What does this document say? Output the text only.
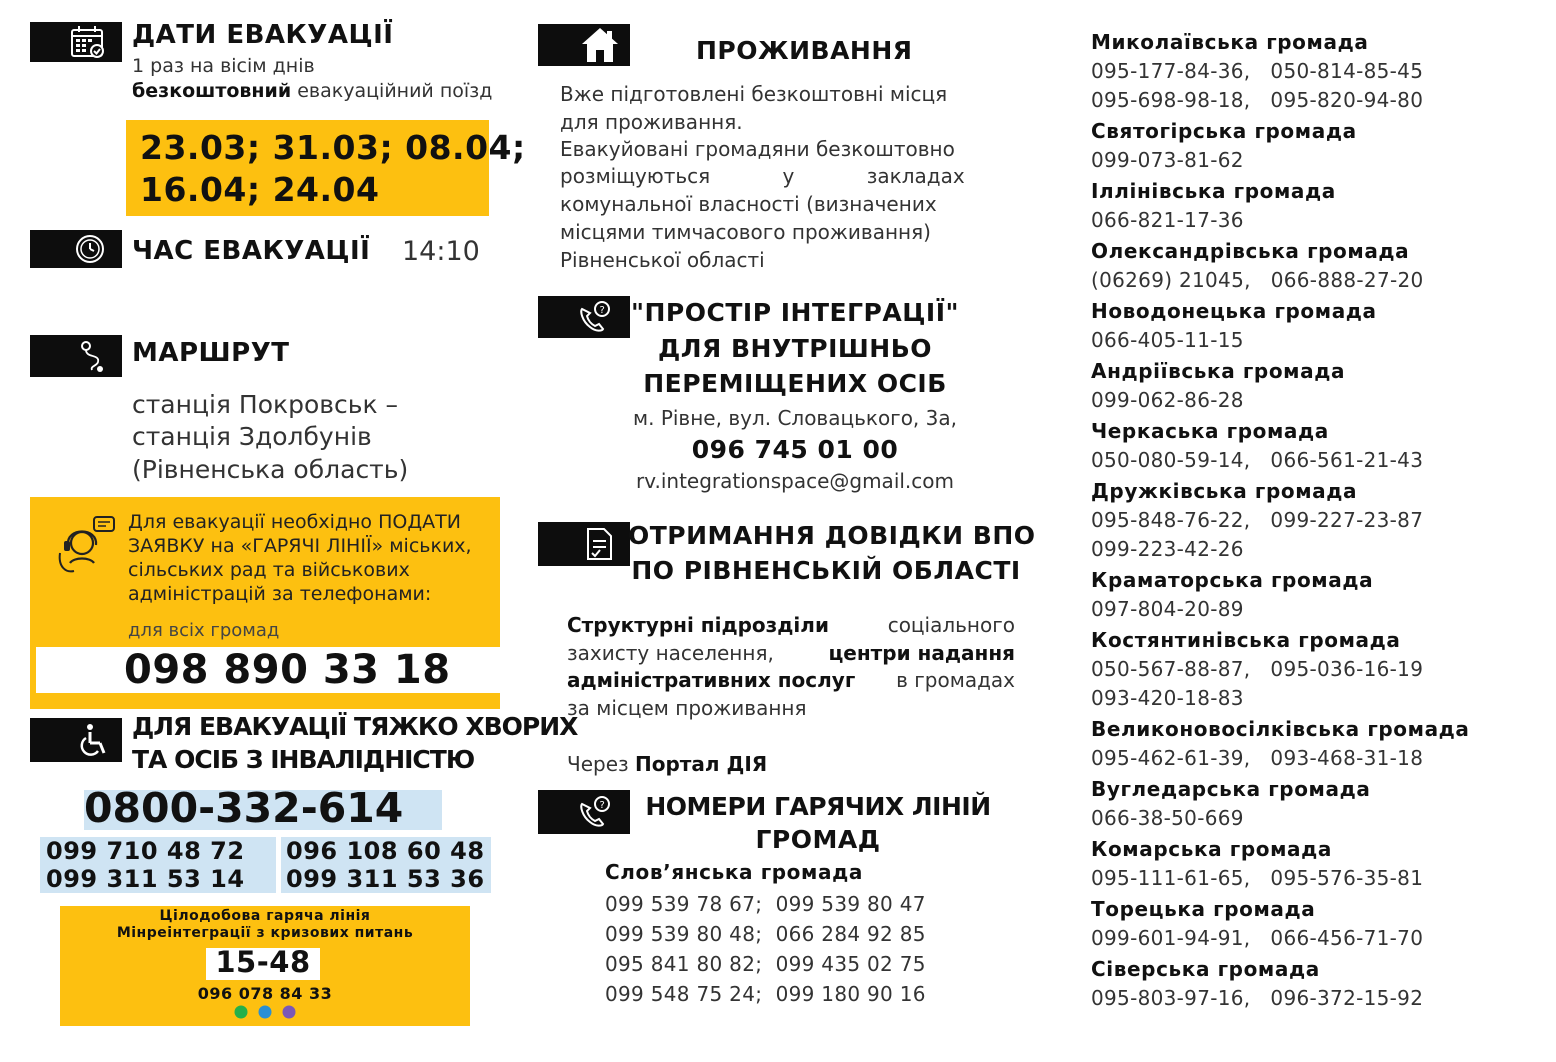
ДАТИ ЕВАКУАЦІЇ
1 раз на вісім днів
безкоштовний евакуаційний поїзд
23.03; 31.03; 08.04;
16.04; 24.04
ЧАС ЕВАКУАЦІЇ 14:10
МАРШРУТ
станція Покровськ –
станція Здолбунів
(Рівненська область)
Для евакуації необхідно ПОДАТИ
ЗАЯВКУ на «ГАРЯЧІ ЛІНІЇ» міських,
сільських рад та військових
адміністрацій за телефонами:
для всіх громад
098 890 33 18
ДЛЯ ЕВАКУАЦІЇ ТЯЖКО ХВОРИХ
ТА ОСІБ З ІНВАЛІДНІСТЮ
0800-332-614
099 710 48 72
099 311 53 14
096 108 60 48
099 311 53 36
Цілодобова гаряча лінія
Мінреінтеграції з кризових питань
15-48
096 078 84 33
ПРОЖИВАННЯ
Вже підготовлені безкоштовні місця
для проживання.
Евакуйовані громадяни безкоштовно
розміщуються у закладах
комунальної власності (визначених
місцями тимчасового проживання)
Рівненської області
?	"ПРОСТІР ІНТЕГРАЦІЇ"
ДЛЯ ВНУТРІШНЬО
ПЕРЕМІЩЕНИХ ОСІБ
м. Рівне, вул. Словацького, 3а,
096 745 01 00
rv.integrationspace@gmail.com
ОТРИМАННЯ ДОВІДКИ ВПО
ПО РІВНЕНСЬКІЙ ОБЛАСТІ
Структурні підрозділи	соціального
захисту населення,	центри надання
адміністративних послуг в громадах
за місцем проживання
Через Портал ДІЯ
?	НОМЕРИ ГАРЯЧИХ ЛІНІЙ
ГРОМАД
Слов’янська громада
099 539 78 67;  099 539 80 47
099 539 80 48;  066 284 92 85
095 841 80 82;  099 435 02 75
099 548 75 24;  099 180 90 16
Миколаївська громада
095-177-84-36,   050-814-85-45
095-698-98-18,   095-820-94-80
Святогірська громада
099-073-81-62
Іллінівська громада
066-821-17-36
Олександрівська громада
(06269) 21045,   066-888-27-20
Новодонецька громада
066-405-11-15
Андріївська громада
099-062-86-28
Черкаська громада
050-080-59-14,   066-561-21-43
Дружківська громада
095-848-76-22,   099-227-23-87
099-223-42-26
Краматорська громада
097-804-20-89
Костянтинівська громада
050-567-88-87,   095-036-16-19
093-420-18-83
Великоновосілківська громада
095-462-61-39,   093-468-31-18
Вугледарська громада
066-38-50-669
Комарська громада
095-111-61-65,   095-576-35-81
Торецька громада
099-601-94-91,   066-456-71-70
Сіверська громада
095-803-97-16,   096-372-15-92
